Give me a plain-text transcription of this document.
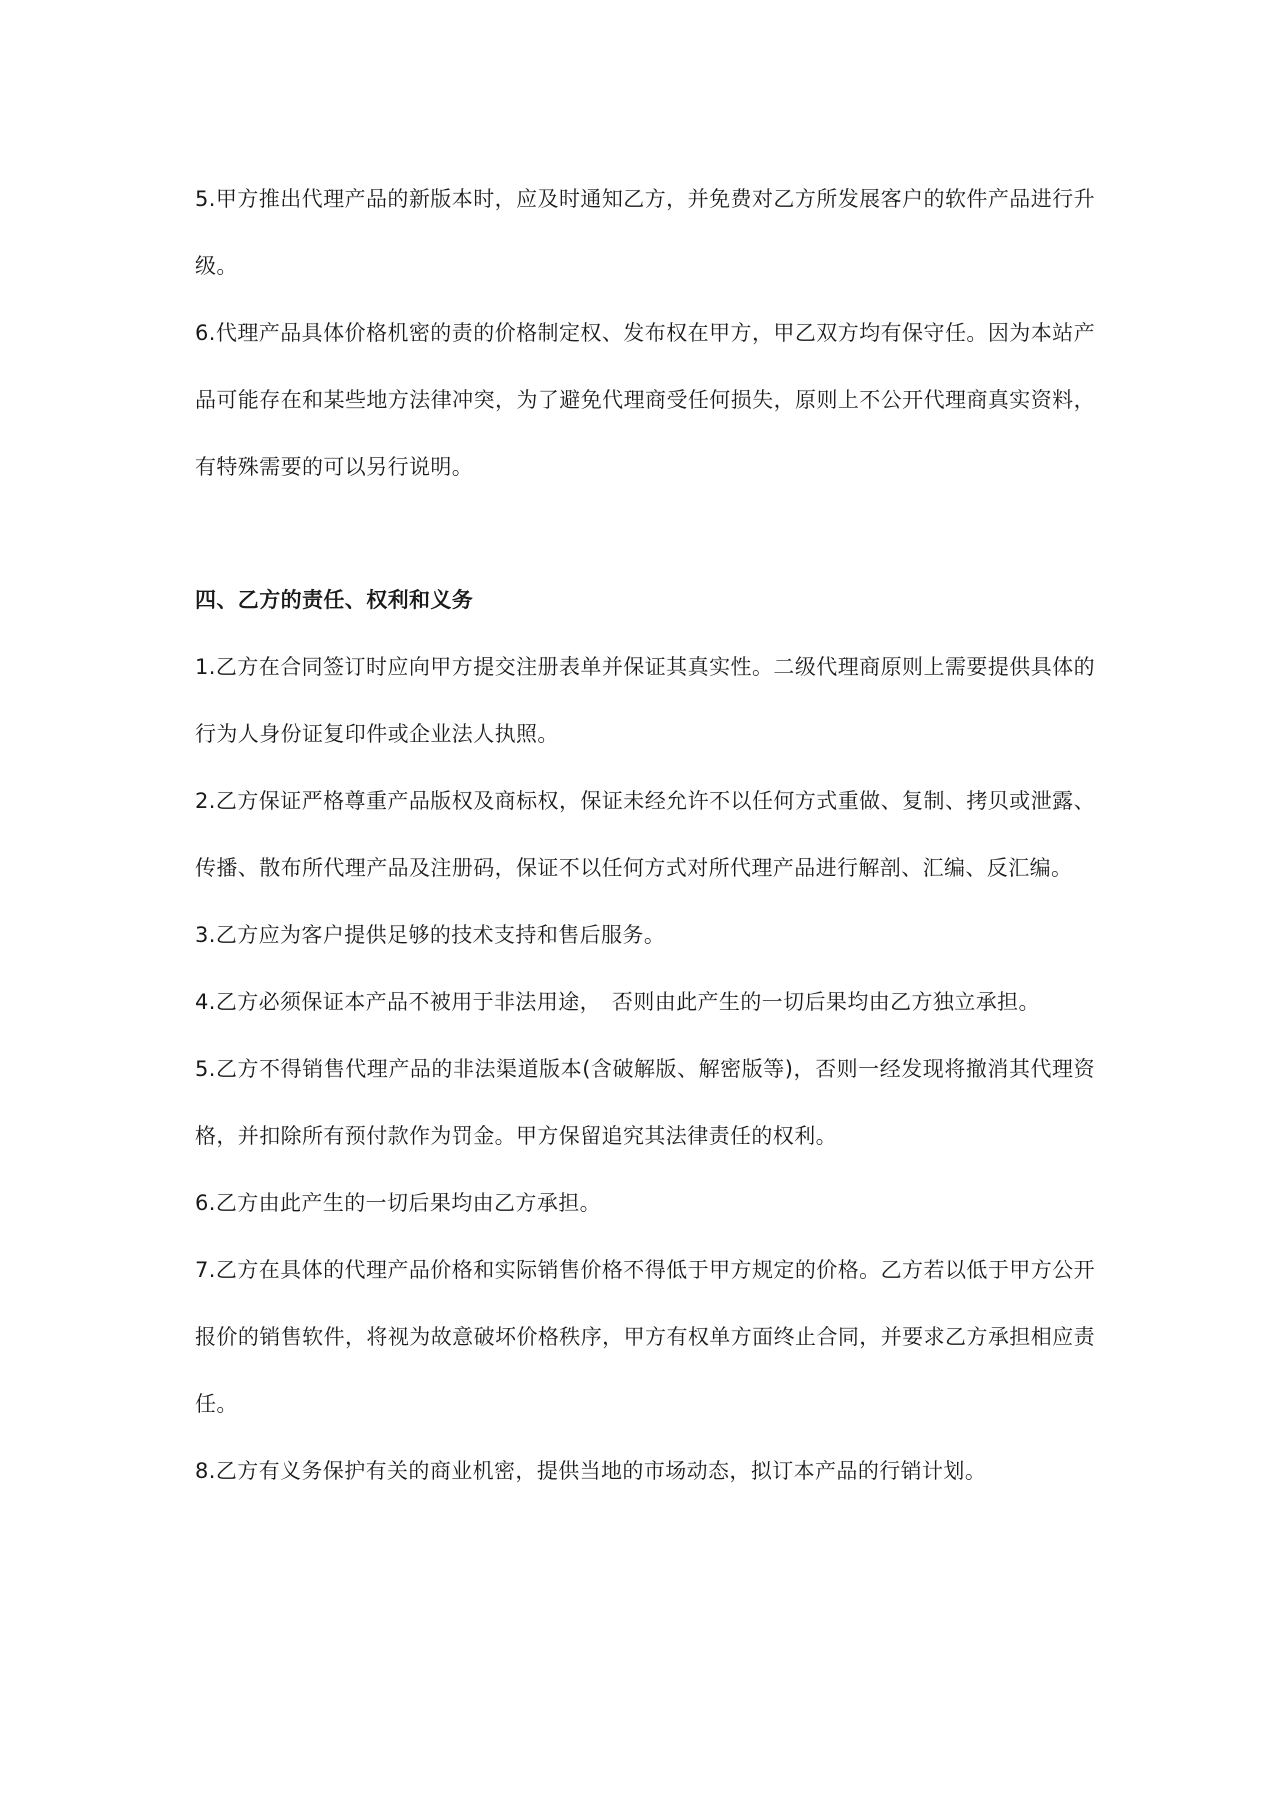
5.甲方推出代理产品的新版本时，应及时通知乙方，并免费对乙方所发展客户的软件产品进行升级。

6.代理产品具体价格机密的责的价格制定权、发布权在甲方，甲乙双方均有保守任。因为本站产品可能存在和某些地方法律冲突，为了避免代理商受任何损失，原则上不公开代理商真实资料，有特殊需要的可以另行说明。

四、乙方的责任、权利和义务

1.乙方在合同签订时应向甲方提交注册表单并保证其真实性。二级代理商原则上需要提供具体的行为人身份证复印件或企业法人执照。

2.乙方保证严格尊重产品版权及商标权，保证未经允许不以任何方式重做、复制、拷贝或泄露、传播、散布所代理产品及注册码，保证不以任何方式对所代理产品进行解剖、汇编、反汇编。

3.乙方应为客户提供足够的技术支持和售后服务。

4.乙方必须保证本产品不被用于非法用途，　否则由此产生的一切后果均由乙方独立承担。

5.乙方不得销售代理产品的非法渠道版本(含破解版、解密版等)，否则一经发现将撤消其代理资格，并扣除所有预付款作为罚金。甲方保留追究其法律责任的权利。

6.乙方由此产生的一切后果均由乙方承担。

7.乙方在具体的代理产品价格和实际销售价格不得低于甲方规定的价格。乙方若以低于甲方公开报价的销售软件，将视为故意破坏价格秩序，甲方有权单方面终止合同，并要求乙方承担相应责任。

8.乙方有义务保护有关的商业机密，提供当地的市场动态，拟订本产品的行销计划。
